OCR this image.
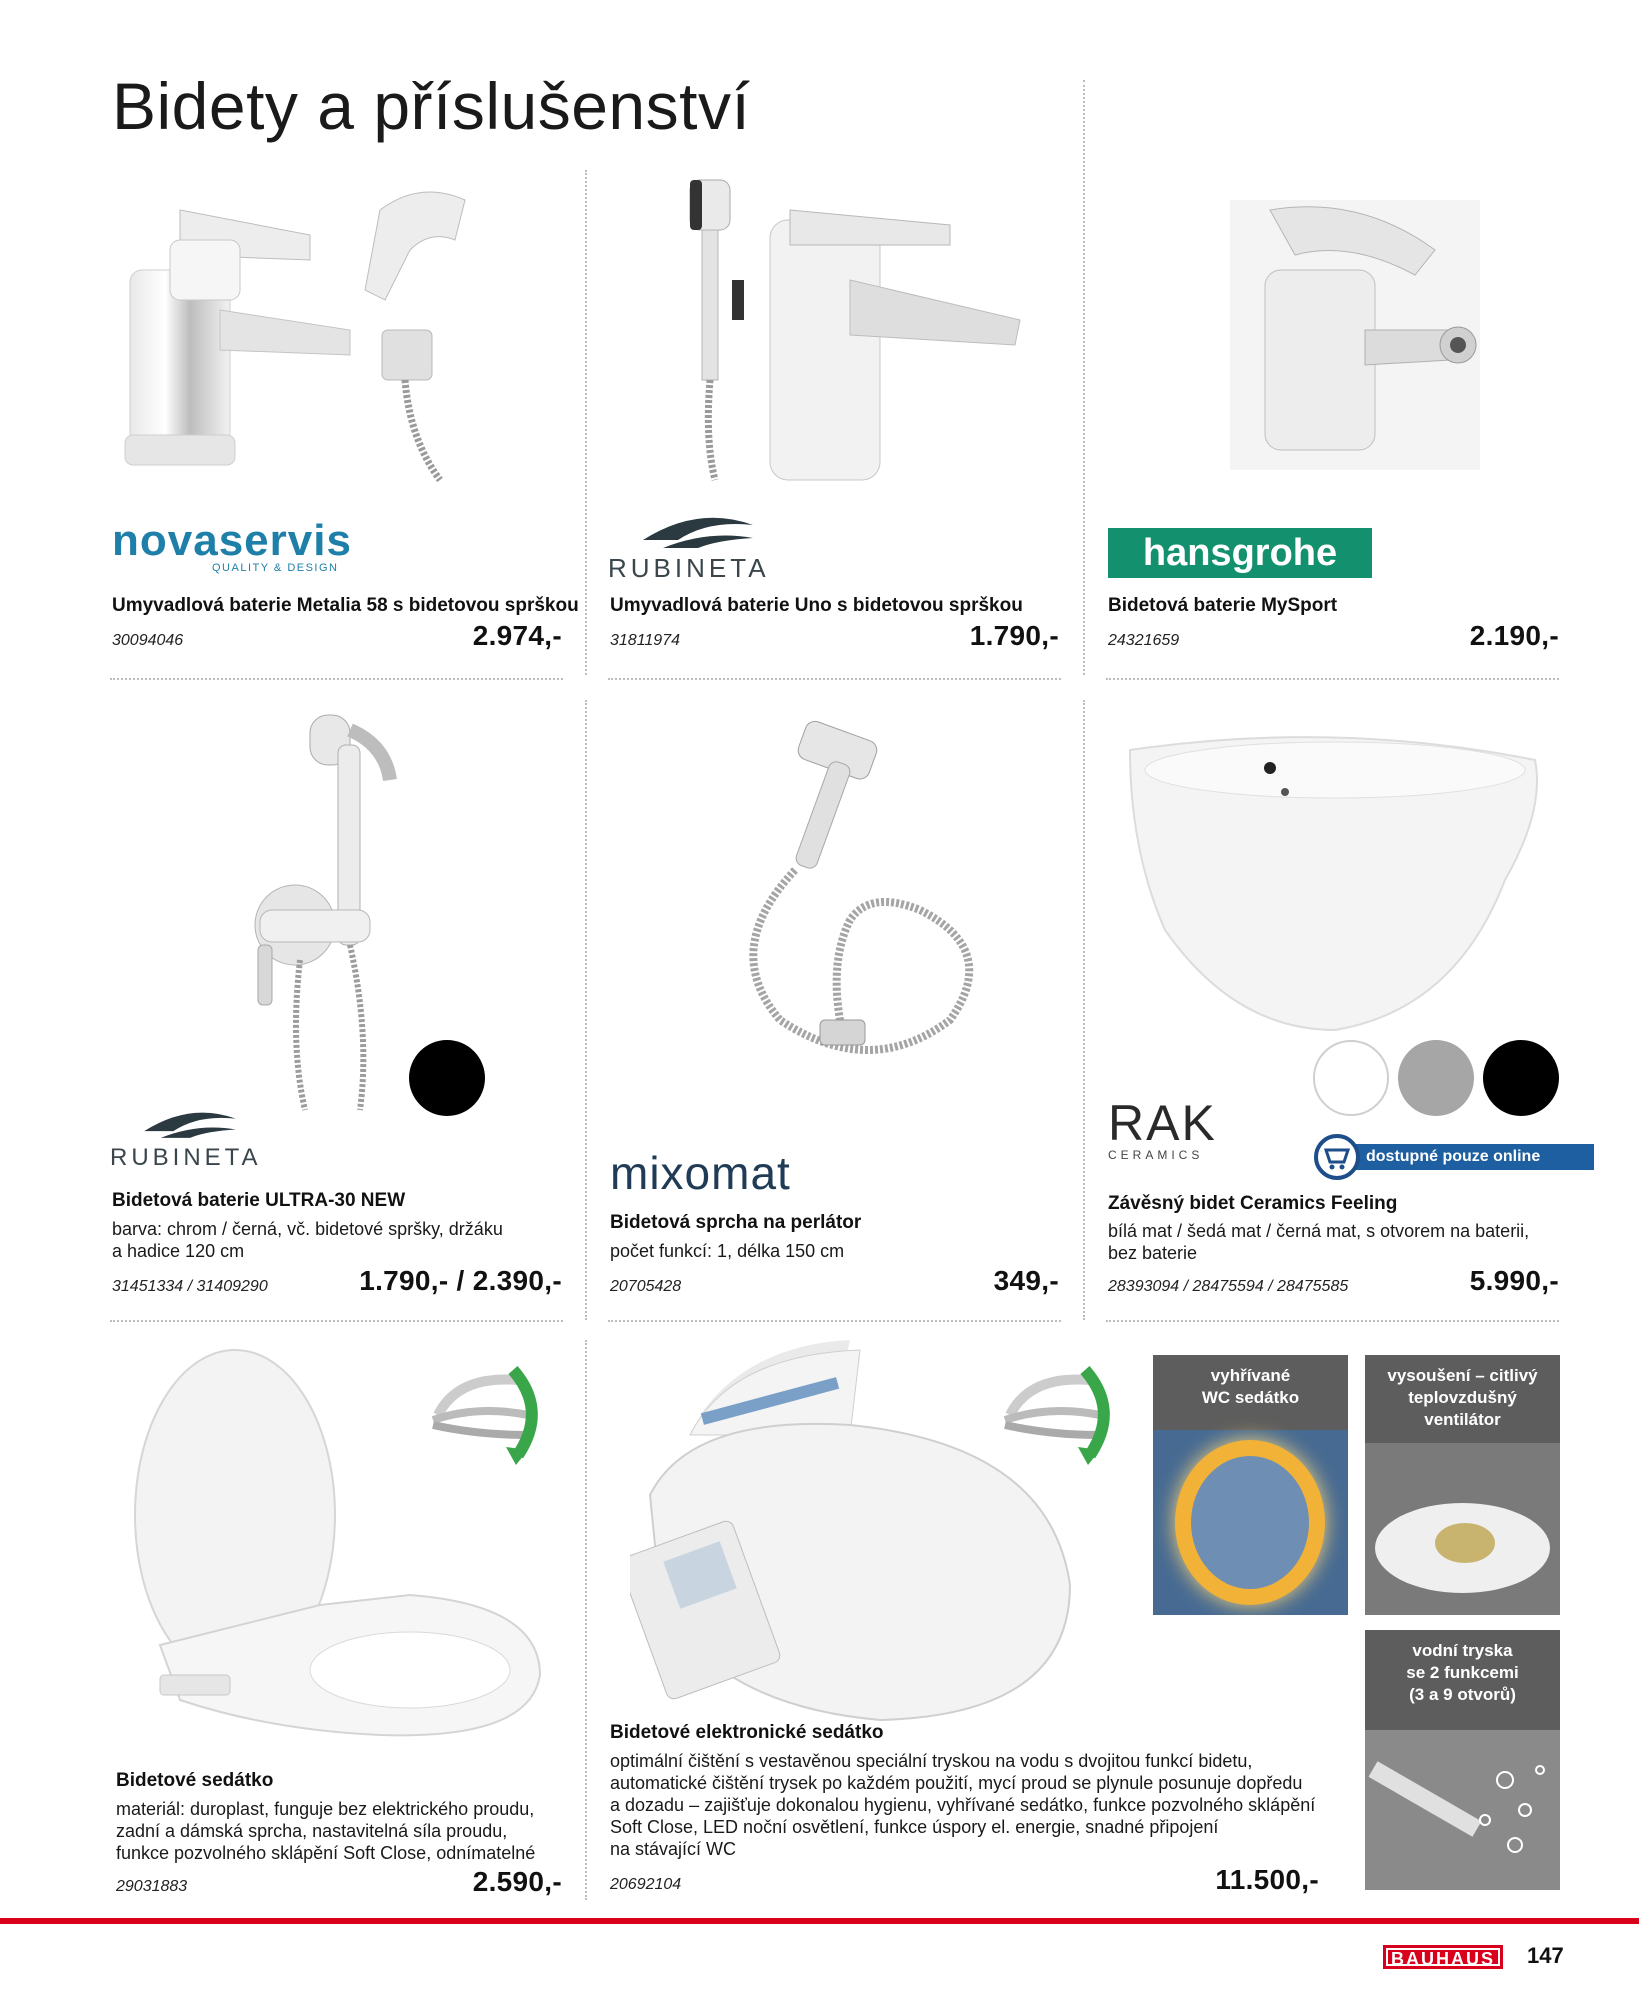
Bidety a příslušenství
novaservis
QUALITY & DESIGN
Umyvadlová baterie Metalia 58 s bidetovou sprškou
30094046	2.974,-
RUBINETA
Umyvadlová baterie Uno s bidetovou sprškou
31811974	1.790,-
hansgrohe
Bidetová baterie MySport
24321659	2.190,-
RUBINETA
Bidetová baterie ULTRA-30 NEW
barva: chrom / černá, vč. bidetové spršky, držáku
a hadice 120 cm
31451334 / 31409290	1.790,- / 2.390,-
mixomat
Bidetová sprcha na perlátor
počet funkcí: 1, délka 150 cm
20705428	349,-
RAK
CERAMICS	dostupné pouze online
Závěsný bidet Ceramics Feeling
bílá mat / šedá mat / černá mat, s otvorem na baterii,
bez baterie
28393094 / 28475594 / 28475585	5.990,-
Bidetové sedátko
materiál: duroplast, funguje bez elektrického proudu,
zadní a dámská sprcha, nastavitelná síla proudu,
funkce pozvolného sklápění Soft Close, odnímatelné
29031883	2.590,-
Bidetové elektronické sedátko
optimální čištění s vestavěnou speciální tryskou na vodu s dvojitou funkcí bidetu,
automatické čištění trysek po každém použití, mycí proud se plynule posunuje dopředu
a dozadu – zajišťuje dokonalou hygienu, vyhřívané sedátko, funkce pozvolného sklápění
Soft Close, LED noční osvětlení, funkce úspory el. energie, snadné připojení
na stávající WC
20692104	11.500,-
vyhřívané
WC sedátko
vysoušení – citlivý
teplovzdušný
ventilátor
vodní tryska
se 2 funkcemi
(3 a 9 otvorů)
BAUHAUS	147
